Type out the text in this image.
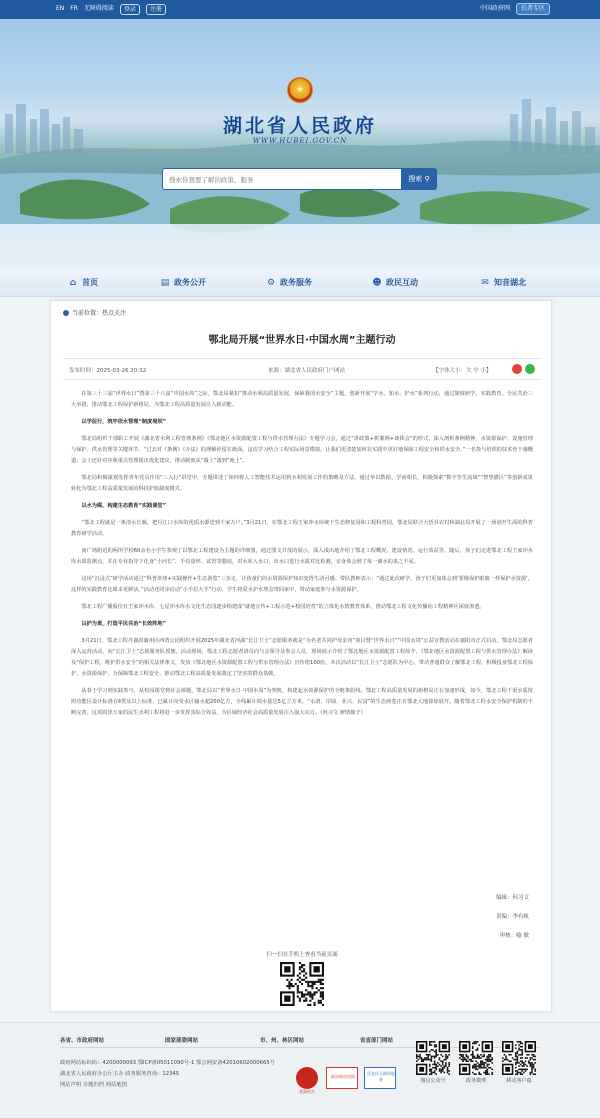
EN FR 无障碍阅读	登录	注册	中国政府网	长者专区
★
湖北省人民政府
WWW.HUBEI.GOV.CN
搜索你想要了解的政策、服务
搜索 ⚲
⌂ 首页	▤ 政务公开	⚙ 政务服务	☻ 政民互动	✉ 知音湖北
当前位置：热点关注
鄂北局开展“世界水日·中国水周”主题行动
发布时间：2025-03-26 20:32	来源：湖北省人民政府门户网站	【字体大小：大 中 小】

在第三十三届“世界水日”暨第三十八届“中国水周”之际，鄂北局紧扣“推动水利高质量发展，保障我国水安全”主题，创新开展“学水、知水、护水”系列行动，通过制度研学、实践教育、全民共治三大举措，推动鄂北工程保护新格局，为鄂北工程高质量发展注入新动能。

以学促行，筑牢依水管理“制度堤坝”

鄂北局组织干部职工开展《湖北省水利工程管理条例》《鄂北地区水资源配置工程与供水管理办法》专题学习会，通过“讲政策+析案例+谈体会”的形式，深入剖析条例精神、水资源保护、设施管理与保护、供水管理等关键环节。“过去对《条例》《办法》的理解停留在纸面，这次学习结合工程实际场景模拟，让我们更清楚如何在实践中更好地保障工程安全和供水安全。”一名参与培训的技术骨干感慨道。会上还针对应收重点管理提出优化建议，推动制度从“墙上”落到“地上”。

鄂北局积极谋划发挥青年党员作用“三入行”讲堂中，专题讲述了如何将人工智能技术运用到水利发展工作的策略及方法，通过举以数据、学而相长，积极探索“数字孪生流域”“智慧灌区”等创新成果转化为鄂北工程高质量发展的科技护航制度模式。

以水为媒，构建生态教育“实践课堂”

“鄂北工程就是一条清水长廊，把丹江口水库的优质水源送到千家万户。”3月21日，在鄂北工程王家冲水库统下生态修复园和工程科普园，鄂北局联合大悟县农村和湖北局开展了一场别开生面的科普教育研学活动。

南广场附近的两所学校60余名小学生参观了以鄂北工程建设为主题的详细图，通过图文并茂的展示，深入浅出地介绍了鄂北工程概况、建设情况、运行效益等。随后，孩子们走进鄂北工程王家冲水库水质监测点，并在专业指导下化身“小河长”，手持量杯、试管等器皿，对水库入水口、出水口进行水质对比检测，亲身体会到了每一滴水的来之不易。

这场“沉浸式”研学活动通过“科普讲座+实践操作+生态游览”三步走，让孩童们的水资源保护知识变得生动可感。带队教师表示：“通过此次研学，孩子们更加体会到‘要像保护眼睛一样保护水资源’，这样的实践教育比课本更鲜活。”活动还同步启动“小手拉大手”行动，学生将爱水护水理念带回家中，带动家庭参与水资源保护。

鄂北工程广播股份有王家冲水库、七星冲水库水文化生态园逐步构建成“就地宣传+工程示范+校园培育”的立体化水情教育体系，推动鄂北工程文化传播向工程精神区深度渗透。

以护为责，打造平民共治“长效阵地”

3月21日，鄂北工程丹襄段襄州区西湾公园组织开展2025年湖北省河湖“长江卫士”志愿服务就是“为名老共同护母亲河”项目暨“世界水日”“中国水周”公益宣教活动在襄阳市正式启动。鄂北局志愿者深入运营活动，向“长江卫士”志愿服务队授旗，活动现场，鄂北工程志愿者讲员向与会领导及参会人员，现场展示介绍了鄂北地区水资源配置工程简介，《鄂北地区水资源配置工程与供水管理办法》解读及“保护工程，维护供水安全”的相关法律条文，发放《鄂北地区水资源配置工程与供水管理办法》宣传册100份。本次活动以“长江卫士”志愿队为中心，带动普通群众了解鄂北工程，积极投身鄂北工程保护、水资源保护，为保障鄂北工程安全、推动鄂北工程高质量发展奠定了坚实的群众基础。

从春于学习到实践参与，从校园课堂到社会课题，鄂北局以“世界水日·中国水周”为契机，构建起水资源保护的全链条防线。鄂北工程高质量发展的新格局正在加速形成，如今，鄂北工程干渠水质按照功能区设计标准在Ⅱ类及以上标准，已累计向受水区输水超200亿方，全线累计调水量达5亿立方米，“水清、岸绿、业兴、民富”的生态画卷正在鄂北大地徐徐展开。随着鄂北工程水安全保护机制的不断完善，这项润泽万家的民生水利工程将进一步发挥其综合效益，为区域经济社会高质量发展注入强大动力。（何习文 廖缮薇子）

编辑：何习文
责编：李有轨
审核：喻 敏
扫一扫在手机上查看当前页面
各省、市政府网站	国家部委网站	市、州、林区网站	省直部门网站
政府网站标识码：4200000093 鄂ICP备05011090号-1 鄂公网安备42010602000665号
湖北省人民政府办公厅主办 政务服务咨询：12345
网站声明 专题归档 网站地图
党政机关
政府网站找错
适老化无障碍服务	微信公众号	政务微博	移动客户端
